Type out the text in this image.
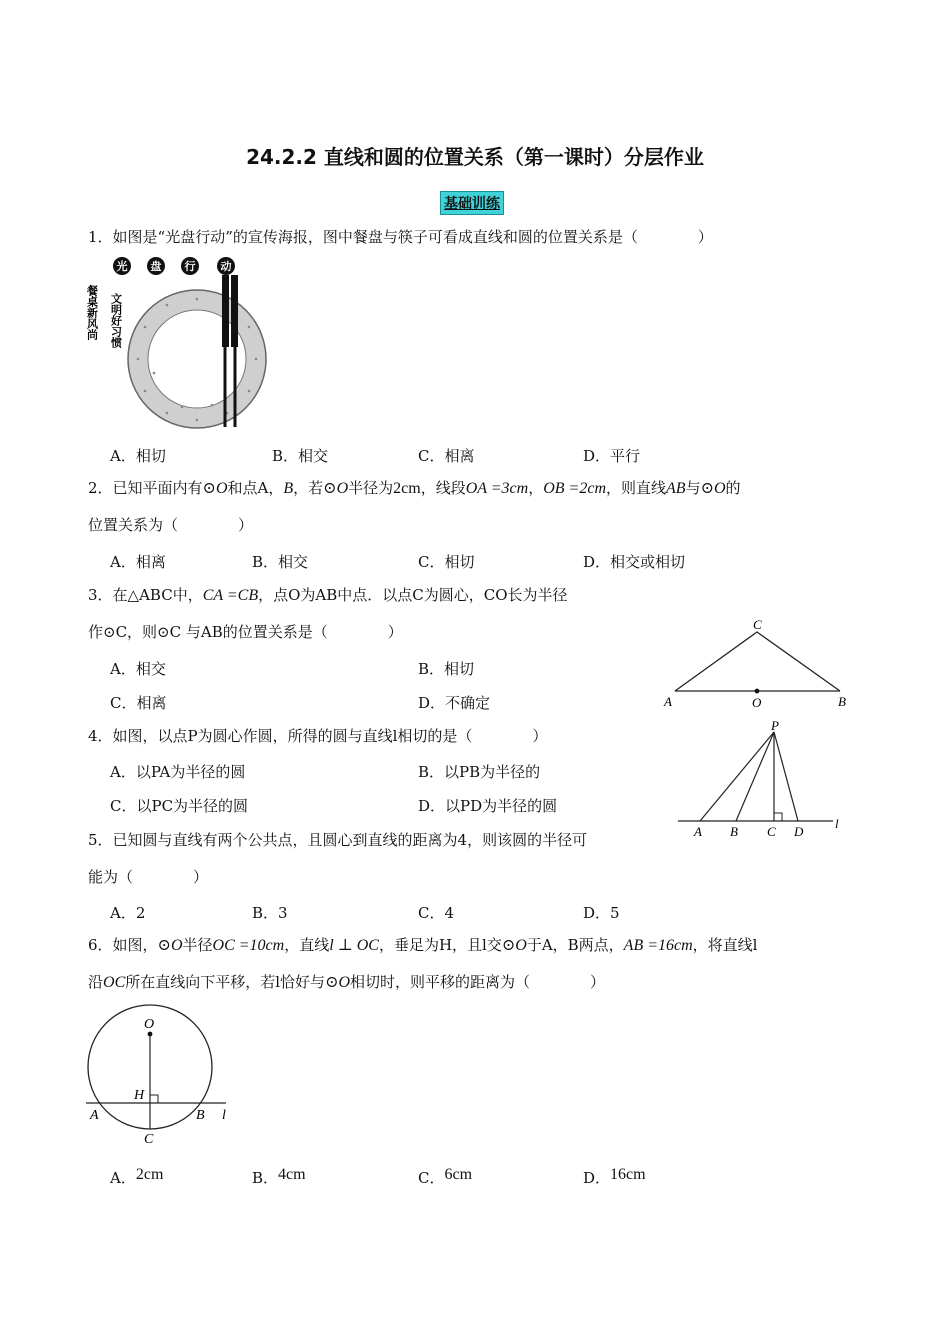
24.2.2 直线和圆的位置关系（第一课时）分层作业
基础训练
1．如图是“光盘行动”的宣传海报，图中餐盘与筷子可看成直线和圆的位置关系是（　　　　）
光 盘 行 动
餐桌新风尚 文明好习惯
A．相切	B．相交	C．相离	D．平行
2．已知平面内有⊙O和点A，B，若⊙O半径为2cm，线段OA =3cm，OB =2cm，则直线AB与⊙O的
位置关系为（　　　　）
A．相离	B．相交	C．相切	D．相交或相切
3．在△ABC中，CA =CB，点O为AB中点．以点C为圆心，CO长为半径
作⊙C，则⊙C 与AB的位置关系是（　　　　）
A．相交	B．相切
C．相离	D．不确定
C
A	O	B
4．如图，以点P为圆心作圆，所得的圆与直线l相切的是（　　　　）
A．以PA为半径的圆	B．以PB为半径的
C．以PC为半径的圆	D．以PD为半径的圆
P
A B C D
l
5．已知圆与直线有两个公共点，且圆心到直线的距离为4，则该圆的半径可
能为（　　　　）
A．2	B．3	C．4	D．5
6．如图，⊙O半径OC =10cm，直线l ⊥ OC，垂足为H，且l交⊙O于A，B两点，AB =16cm，将直线l
沿OC所在直线向下平移，若l恰好与⊙O相切时，则平移的距离为（　　　　）
O
H
A	B
C
l
A．2cm	B．4cm	C．6cm	D．16cm
